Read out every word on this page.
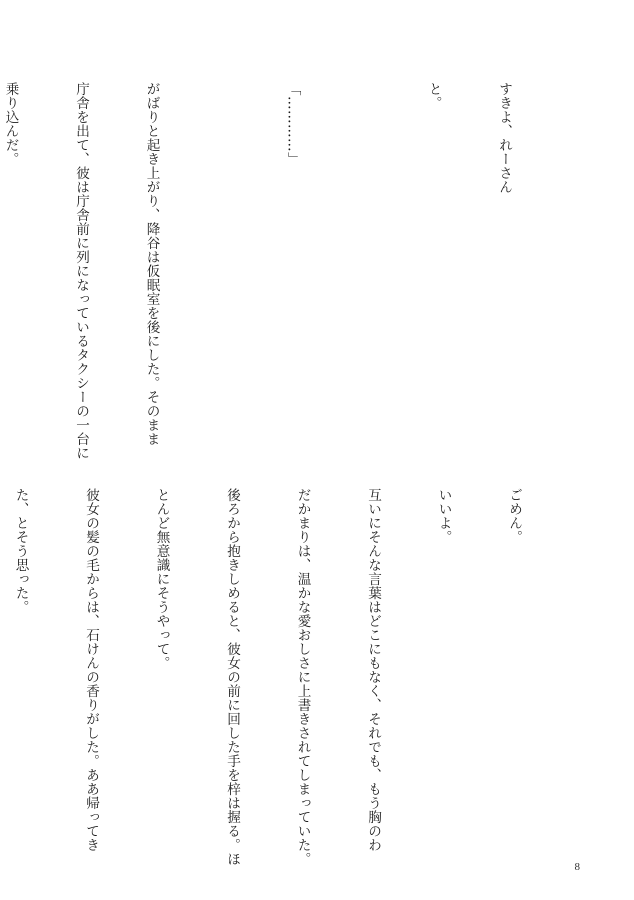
すきよ、れーさん

と。

「…………」

がばりと起き上がり、降谷は仮眠室を後にした。そのまま

庁舎を出て、彼は庁舎前に列になっているタクシーの一台に

乗り込んだ。

ごめん。

いいよ。

互いにそんな言葉はどこにもなく、それでも、もう胸のわ

だかまりは、温かな愛おしさに上書きされてしまっていた。

後ろから抱きしめると、彼女の前に回した手を梓は握る。ほ

とんど無意識にそうやって。

彼女の髪の毛からは、石けんの香りがした。ああ帰ってき

た、とそう思った。

8
